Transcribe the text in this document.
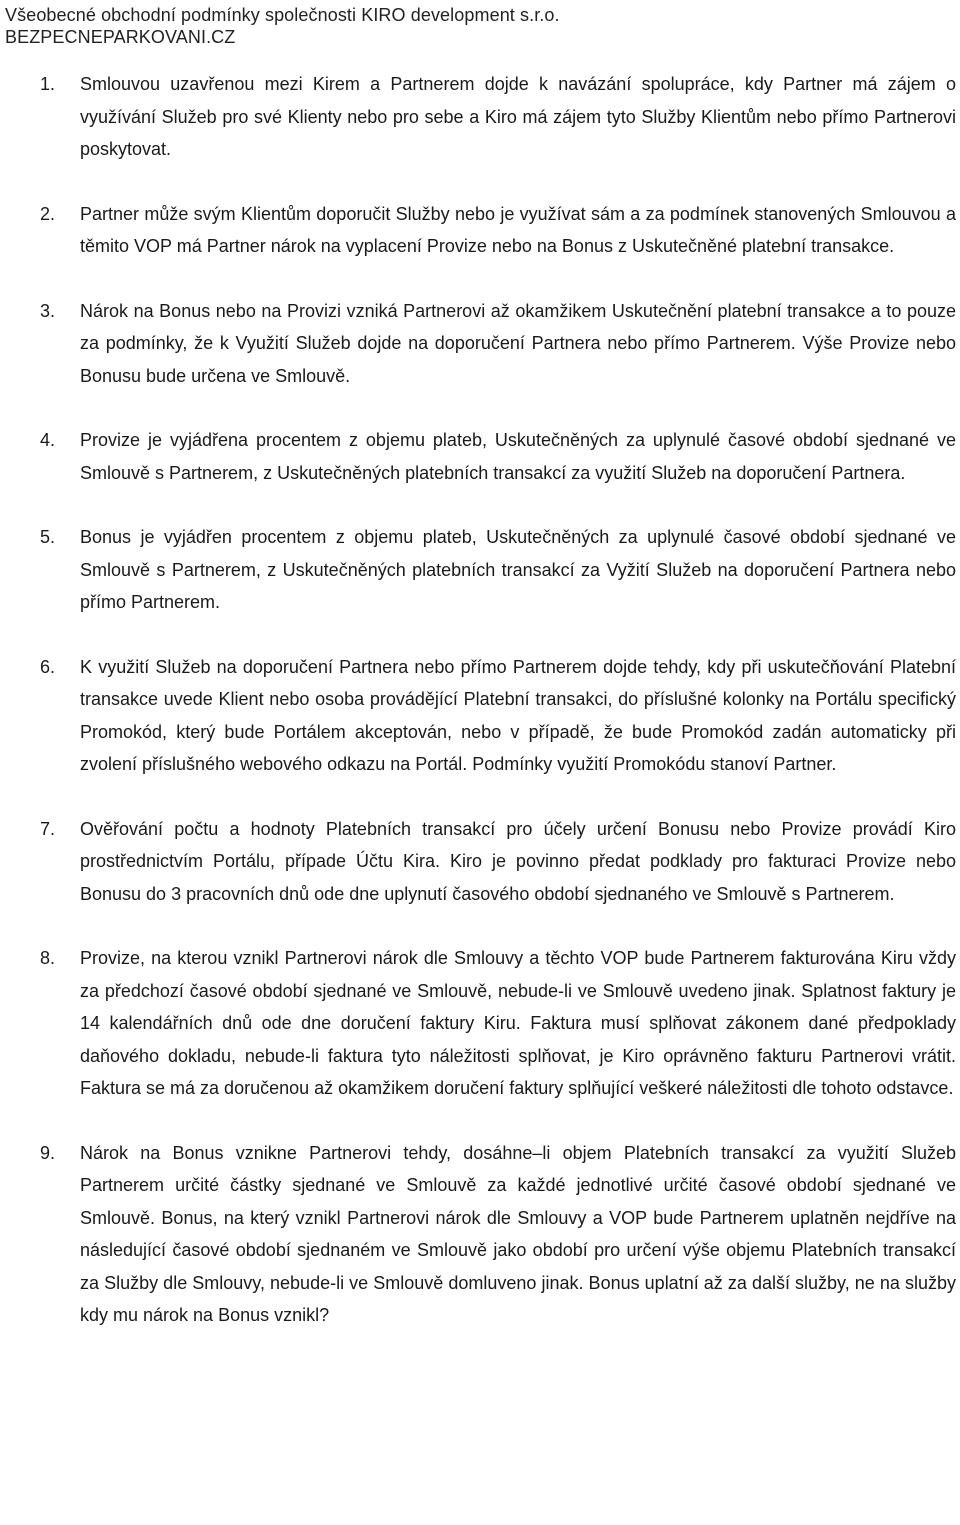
Všeobecné obchodní podmínky společnosti KIRO development s.r.o.
BEZPECNEPARKOVANI.CZ
1.	Smlouvou uzavřenou mezi Kirem a Partnerem dojde k navázání spolupráce, kdy Partner má zájem o využívání Služeb pro své Klienty nebo pro sebe a Kiro má zájem tyto Služby Klientům nebo přímo Partnerovi poskytovat.
2.	Partner může svým Klientům doporučit Služby nebo je využívat sám a za podmínek stanovených Smlouvou a těmito VOP má Partner nárok na vyplacení Provize nebo na Bonus z Uskutečněné platební transakce.
3.	Nárok na Bonus nebo na Provizi vzniká Partnerovi až okamžikem Uskutečnění platební transakce a to pouze za podmínky, že k Využití Služeb dojde na doporučení Partnera nebo přímo Partnerem. Výše Provize nebo Bonusu bude určena ve Smlouvě.
4.	Provize je vyjádřena procentem z objemu plateb, Uskutečněných za uplynulé časové období sjednané ve Smlouvě s Partnerem, z Uskutečněných platebních transakcí za využití Služeb na doporučení Partnera.
5.	Bonus je vyjádřen procentem z objemu plateb, Uskutečněných za uplynulé časové období sjednané ve Smlouvě s Partnerem, z Uskutečněných platebních transakcí za Vyžití Služeb na doporučení Partnera nebo přímo Partnerem.
6.	K využití Služeb na doporučení Partnera nebo přímo Partnerem dojde tehdy, kdy při uskutečňování Platební transakce uvede Klient nebo osoba provádějící Platební transakci, do příslušné kolonky na Portálu specifický Promokód, který bude Portálem akceptován, nebo v případě, že bude Promokód zadán automaticky při zvolení příslušného webového odkazu na Portál. Podmínky využití Promokódu stanoví Partner.
7.	Ověřování počtu a hodnoty Platebních transakcí pro účely určení Bonusu nebo Provize provádí Kiro prostřednictvím Portálu, případe Účtu Kira. Kiro je povinno předat podklady pro fakturaci Provize nebo Bonusu do 3 pracovních dnů ode dne uplynutí časového období sjednaného ve Smlouvě s Partnerem.
8.	Provize, na kterou vznikl Partnerovi nárok dle Smlouvy a těchto VOP bude Partnerem fakturována Kiru vždy za předchozí časové období sjednané ve Smlouvě, nebude-li ve Smlouvě uvedeno jinak. Splatnost faktury je 14 kalendářních dnů ode dne doručení faktury Kiru. Faktura musí splňovat zákonem dané předpoklady daňového dokladu, nebude-li faktura tyto náležitosti splňovat, je Kiro oprávněno fakturu Partnerovi vrátit. Faktura se má za doručenou až okamžikem doručení faktury splňující veškeré náležitosti dle tohoto odstavce.
9.	Nárok na Bonus vznikne Partnerovi tehdy, dosáhne–li objem Platebních transakcí za využití Služeb Partnerem určité částky sjednané ve Smlouvě za každé jednotlivé určité časové období sjednané ve Smlouvě. Bonus, na který vznikl Partnerovi nárok dle Smlouvy a VOP bude Partnerem uplatněn nejdříve na následující časové období sjednaném ve Smlouvě jako období pro určení výše objemu Platebních transakcí za Služby dle Smlouvy, nebude-li ve Smlouvě domluveno jinak. Bonus uplatní až za další služby, ne na služby kdy mu nárok na Bonus vznikl?
